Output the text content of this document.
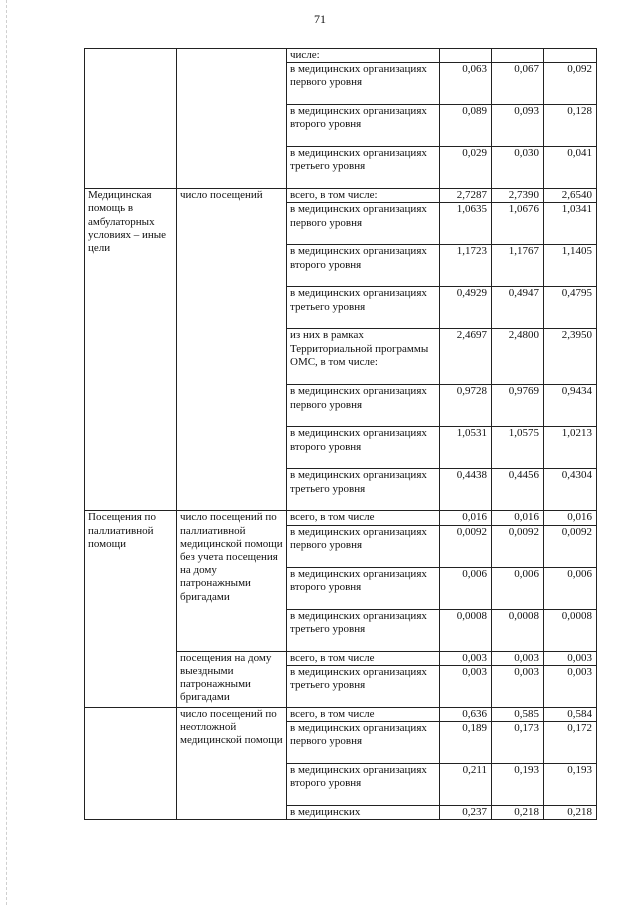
71
		числе:			
		в медицинских организациях первого уровня	0,063	0,067	0,092
		в медицинских организациях второго уровня	0,089	0,093	0,128
		в медицинских организациях третьего уровня	0,029	0,030	0,041
Медицинская помощь в амбулаторных условиях – иные цели	число посещений	всего, в том числе:	2,7287	2,7390	2,6540
		в медицинских организациях первого уровня	1,0635	1,0676	1,0341
		в медицинских организациях второго уровня	1,1723	1,1767	1,1405
		в медицинских организациях третьего уровня	0,4929	0,4947	0,4795
		из них в рамках Территориальной программы ОМС, в том числе:	2,4697	2,4800	2,3950
		в медицинских организациях первого уровня	0,9728	0,9769	0,9434
		в медицинских организациях второго уровня	1,0531	1,0575	1,0213
		в медицинских организациях третьего уровня	0,4438	0,4456	0,4304
Посещения по паллиативной помощи	число посещений по паллиативной медицинской помощи без учета посещения на дому патронажными бригадами	всего, в том числе	0,016	0,016	0,016
		в медицинских организациях первого уровня	0,0092	0,0092	0,0092
		в медицинских организациях второго уровня	0,006	0,006	0,006
		в медицинских организациях третьего уровня	0,0008	0,0008	0,0008
	посещения на дому выездными патронажными бригадами	всего, в том числе	0,003	0,003	0,003
		в медицинских организациях третьего уровня	0,003	0,003	0,003
	число посещений по неотложной медицинской помощи	всего, в том числе	0,636	0,585	0,584
		в медицинских организациях первого уровня	0,189	0,173	0,172
		в медицинских организациях второго уровня	0,211	0,193	0,193
		в медицинских	0,237	0,218	0,218
